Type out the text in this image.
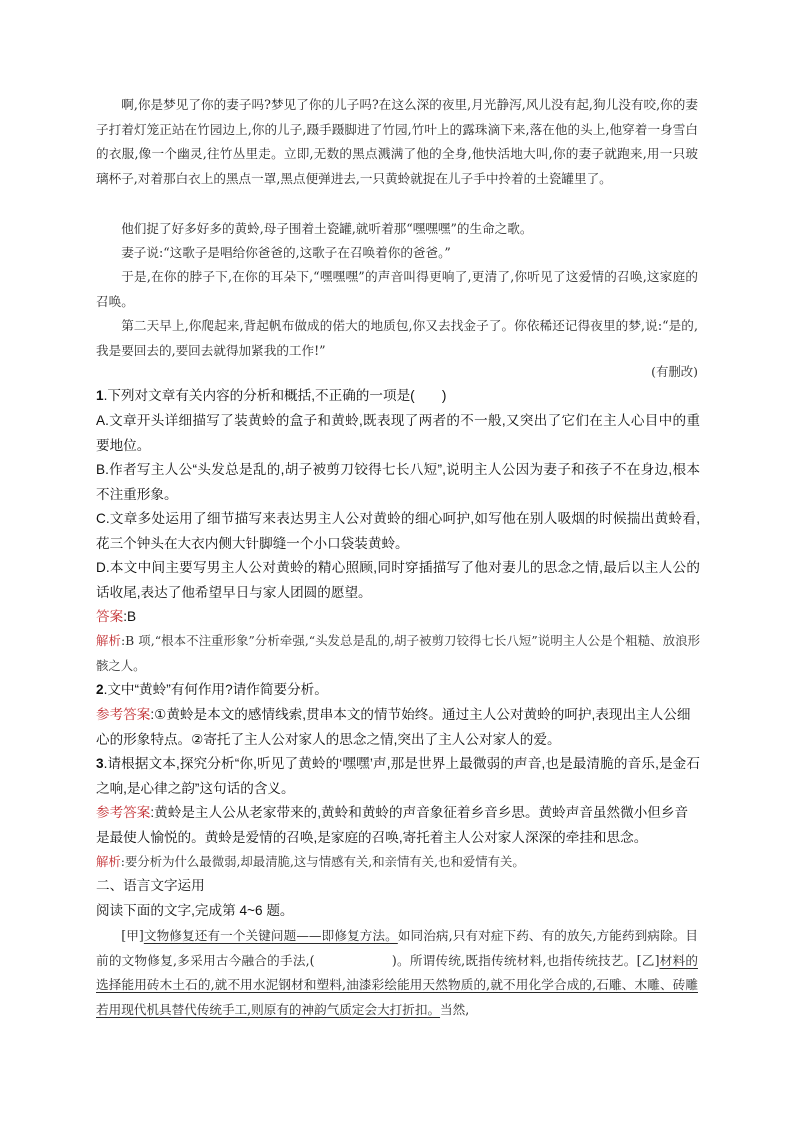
啊,你是梦见了你的妻子吗?梦见了你的儿子吗?在这么深的夜里,月光静泻,风儿没有起,狗儿没有咬,你的妻子打着灯笼正站在竹园边上,你的儿子,蹑手蹑脚进了竹园,竹叶上的露珠滴下来,落在他的头上,他穿着一身雪白的衣服,像一个幽灵,往竹丛里走。立即,无数的黑点溅满了他的全身,他快活地大叫,你的妻子就跑来,用一只玻璃杯子,对着那白衣上的黑点一罩,黑点便弹进去,一只黄蛉就捉在儿子手中拎着的土瓷罐里了。
他们捉了好多好多的黄蛉,母子围着土瓷罐,就听着那“嘿嘿嘿”的生命之歌。
妻子说:“这歌子是唱给你爸爸的,这歌子在召唤着你的爸爸。”
于是,在你的脖子下,在你的耳朵下,“嘿嘿嘿”的声音叫得更响了,更清了,你听见了这爱情的召唤,这家庭的召唤。
第二天早上,你爬起来,背起帆布做成的偌大的地质包,你又去找金子了。你依稀还记得夜里的梦,说:“是的,我是要回去的,要回去就得加紧我的工作!”
(有删改)
1.下列对文章有关内容的分析和概括,不正确的一项是(　　)
A.文章开头详细描写了装黄蛉的盒子和黄蛉,既表现了两者的不一般,又突出了它们在主人心目中的重要地位。
B.作者写主人公“头发总是乱的,胡子被剪刀铰得七长八短”,说明主人公因为妻子和孩子不在身边,根本不注重形象。
C.文章多处运用了细节描写来表达男主人公对黄蛉的细心呵护,如写他在别人吸烟的时候揣出黄蛉看,花三个钟头在大衣内侧大针脚缝一个小口袋装黄蛉。
D.本文中间主要写男主人公对黄蛉的精心照顾,同时穿插描写了他对妻儿的思念之情,最后以主人公的话收尾,表达了他希望早日与家人团圆的愿望。
答案:B
解析:B 项,“根本不注重形象”分析牵强,“头发总是乱的,胡子被剪刀铰得七长八短”说明主人公是个粗糙、放浪形骸之人。
2.文中“黄蛉”有何作用?请作简要分析。
参考答案:①黄蛉是本文的感情线索,贯串本文的情节始终。通过主人公对黄蛉的呵护,表现出主人公细心的形象特点。②寄托了主人公对家人的思念之情,突出了主人公对家人的爱。
3.请根据文本,探究分析“你,听见了黄蛉的‘嘿嘿’声,那是世界上最微弱的声音,也是最清脆的音乐,是金石之响,是心律之韵”这句话的含义。
参考答案:黄蛉是主人公从老家带来的,黄蛉和黄蛉的声音象征着乡音乡思。黄蛉声音虽然微小但乡音是最使人愉悦的。黄蛉是爱情的召唤,是家庭的召唤,寄托着主人公对家人深深的牵挂和思念。
解析:要分析为什么最微弱,却最清脆,这与情感有关,和亲情有关,也和爱情有关。
二、语言文字运用
阅读下面的文字,完成第 4~6 题。
[甲]文物修复还有一个关键问题——即修复方法。如同治病,只有对症下药、有的放矢,方能药到病除。目前的文物修复,多采用古今融合的手法,(　　　　　　)。所谓传统,既指传统材料,也指传统技艺。[乙]材料的选择能用砖木土石的,就不用水泥钢材和塑料,油漆彩绘能用天然物质的,就不用化学合成的,石雕、木雕、砖雕若用现代机具替代传统手工,则原有的神韵气质定会大打折扣。当然,
